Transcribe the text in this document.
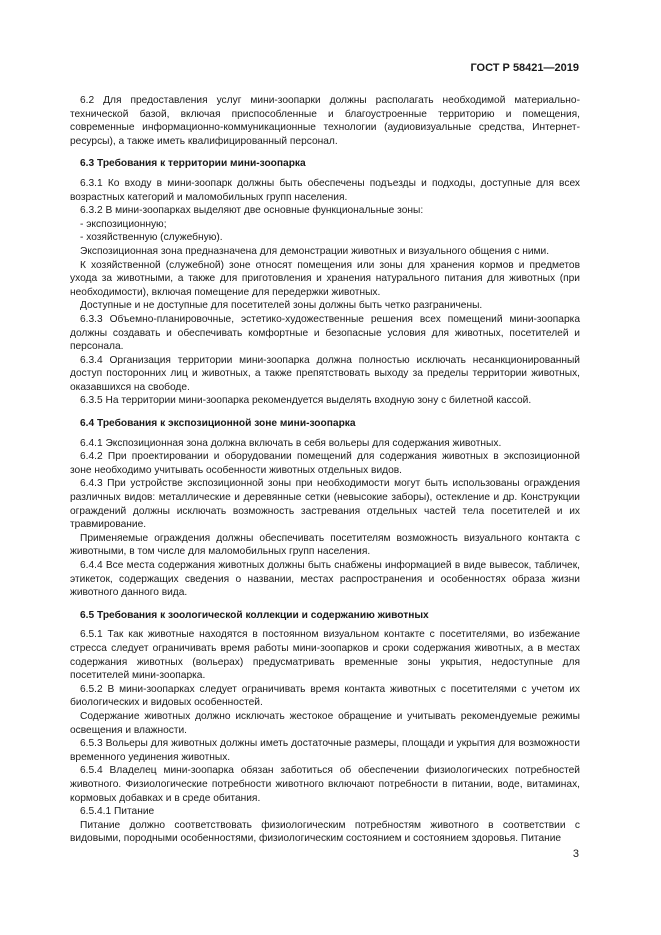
ГОСТ Р 58421—2019

6.2 Для предоставления услуг мини-зоопарки должны располагать необходимой материально-технической базой, включая приспособленные и благоустроенные территорию и помещения, современные информационно-коммуникационные технологии (аудиовизуальные средства, Интернет-ресурсы), а также иметь квалифицированный персонал.

6.3 Требования к территории мини-зоопарка

6.3.1 Ко входу в мини-зоопарк должны быть обеспечены подъезды и подходы, доступные для всех возрастных категорий и маломобильных групп населения.

6.3.2 В мини-зоопарках выделяют две основные функциональные зоны:

- экспозиционную;

- хозяйственную (служебную).

Экспозиционная зона предназначена для демонстрации животных и визуального общения с ними.

К хозяйственной (служебной) зоне относят помещения или зоны для хранения кормов и предметов ухода за животными, а также для приготовления и хранения натурального питания для животных (при необходимости), включая помещение для передержки животных.

Доступные и не доступные для посетителей зоны должны быть четко разграничены.

6.3.3 Объемно-планировочные, эстетико-художественные решения всех помещений мини-зоопарка должны создавать и обеспечивать комфортные и безопасные условия для животных, посетителей и персонала.

6.3.4 Организация территории мини-зоопарка должна полностью исключать несанкционированный доступ посторонних лиц и животных, а также препятствовать выходу за пределы территории животных, оказавшихся на свободе.

6.3.5 На территории мини-зоопарка рекомендуется выделять входную зону с билетной кассой.

6.4 Требования к экспозиционной зоне мини-зоопарка

6.4.1 Экспозиционная зона должна включать в себя вольеры для содержания животных.

6.4.2 При проектировании и оборудовании помещений для содержания животных в экспозиционной зоне необходимо учитывать особенности животных отдельных видов.

6.4.3 При устройстве экспозиционной зоны при необходимости могут быть использованы ограждения различных видов: металлические и деревянные сетки (невысокие заборы), остекление и др. Конструкции ограждений должны исключать возможность застревания отдельных частей тела посетителей и их травмирование.

Применяемые ограждения должны обеспечивать посетителям возможность визуального контакта с животными, в том числе для маломобильных групп населения.

6.4.4 Все места содержания животных должны быть снабжены информацией в виде вывесок, табличек, этикеток, содержащих сведения о названии, местах распространения и особенностях образа жизни животного данного вида.

6.5 Требования к зоологической коллекции и содержанию животных

6.5.1 Так как животные находятся в постоянном визуальном контакте с посетителями, во избежание стресса следует ограничивать время работы мини-зоопарков и сроки содержания животных, а в местах содержания животных (вольерах) предусматривать временные зоны укрытия, недоступные для посетителей мини-зоопарка.

6.5.2 В мини-зоопарках следует ограничивать время контакта животных с посетителями с учетом их биологических и видовых особенностей.

Содержание животных должно исключать жестокое обращение и учитывать рекомендуемые режимы освещения и влажности.

6.5.3 Вольеры для животных должны иметь достаточные размеры, площади и укрытия для возможности временного уединения животных.

6.5.4 Владелец мини-зоопарка обязан заботиться об обеспечении физиологических потребностей животного. Физиологические потребности животного включают потребности в питании, воде, витаминах, кормовых добавках и в среде обитания.

6.5.4.1 Питание

Питание должно соответствовать физиологическим потребностям животного в соответствии с видовыми, породными особенностями, физиологическим состоянием и состоянием здоровья. Питание

3
